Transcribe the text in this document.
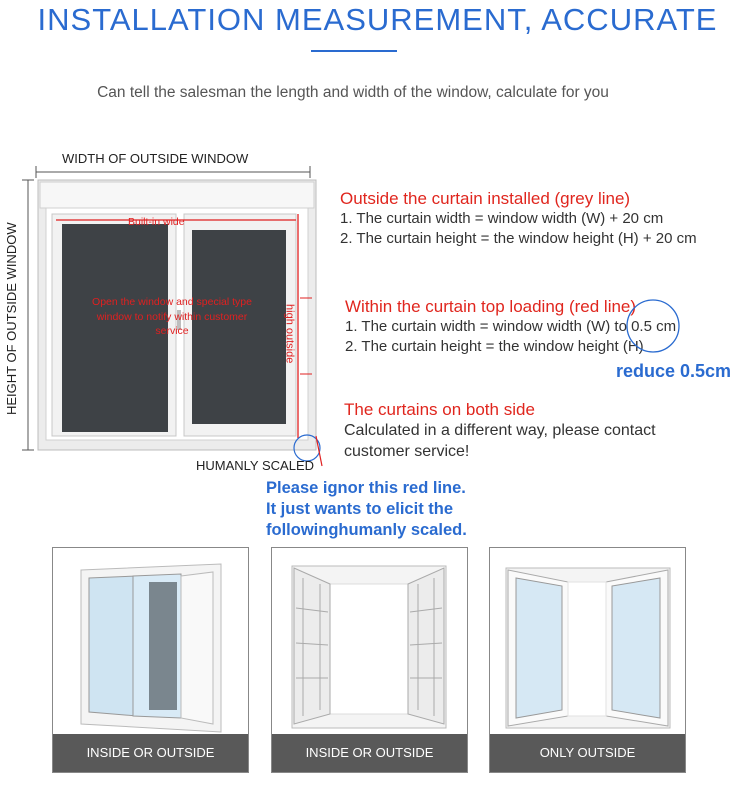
INSTALLATION MEASUREMENT, ACCURATE
Can tell the salesman the length and width of the window, calculate for you
WIDTH OF OUTSIDE WINDOW
HEIGHT OF OUTSIDE WINDOW
Built-in wide
Open the window and special type window to notify within customer service	high outside
HUMANLY SCALED
Outside the curtain installed (grey line)
1. The curtain width = window width (W) + 20 cm
2. The curtain height = the window height (H) + 20 cm
Within the curtain top loading (red line)
1. The curtain width = window width (W) to 0.5 cm
2. The curtain height = the window height (H)
reduce 0.5cm
The curtains on both side
Calculated in a different way, please contact customer service!
Please ignor this red line.
It just wants to elicit the
followinghumanly scaled.
INSIDE OR OUTSIDE	INSIDE OR OUTSIDE	ONLY OUTSIDE
